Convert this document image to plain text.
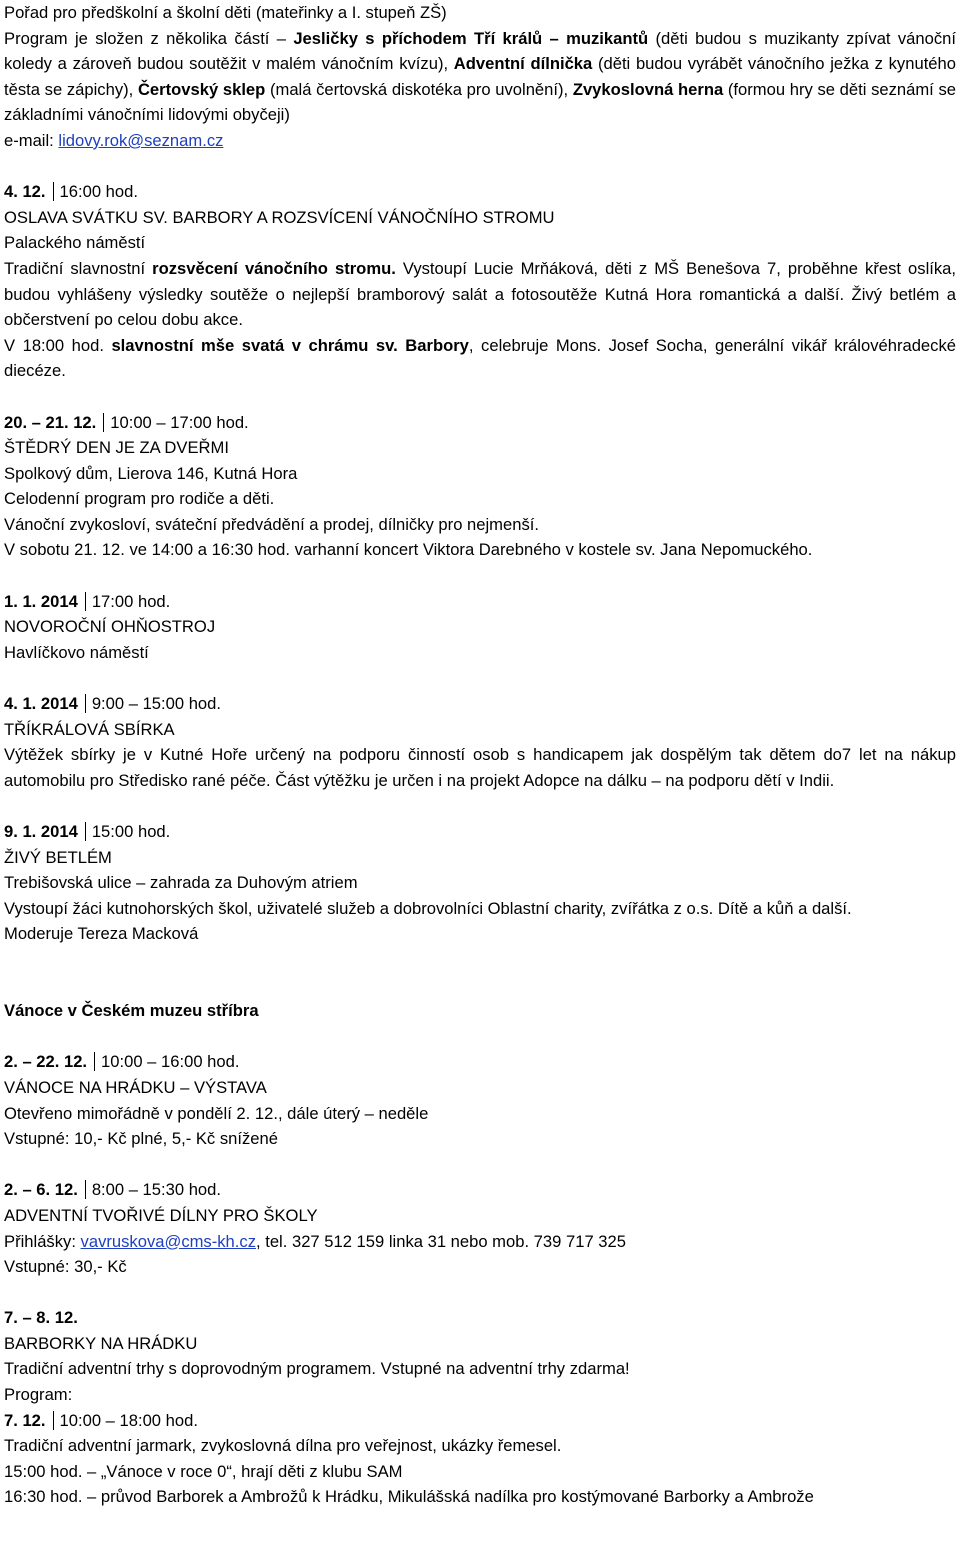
Pořad pro předškolní a školní děti (mateřinky a I. stupeň ZŠ)

Program je složen z několika částí – Jesličky s příchodem Tří králů – muzikantů (děti budou s muzikanty zpívat vánoční koledy a zároveň budou soutěžit v malém vánočním kvízu), Adventní dílnička (děti budou vyrábět vánočního ježka z kynutého těsta se zápichy), Čertovský sklep (malá čertovská diskotéka pro uvolnění), Zvykoslovná herna (formou hry se děti seznámí se základními vánočními lidovými obyčeji)

e-mail: lidovy.rok@seznam.cz

4. 12. 16:00 hod.

OSLAVA SVÁTKU SV. BARBORY A ROZSVÍCENÍ VÁNOČNÍHO STROMU

Palackého náměstí

Tradiční slavnostní rozsvěcení vánočního stromu. Vystoupí Lucie Mrňáková, děti z MŠ Benešova 7, proběhne křest oslíka, budou vyhlášeny výsledky soutěže o nejlepší bramborový salát a fotosoutěže Kutná Hora romantická a další. Živý betlém a občerstvení po celou dobu akce.

V 18:00 hod. slavnostní mše svatá v chrámu sv. Barbory, celebruje Mons. Josef Socha, generální vikář královéhradecké diecéze.

20. – 21. 12. 10:00 – 17:00 hod.

ŠTĚDRÝ DEN JE ZA DVEŘMI

Spolkový dům, Lierova 146, Kutná Hora

Celodenní program pro rodiče a děti.

Vánoční zvykosloví, sváteční předvádění a prodej, dílničky pro nejmenší.

V sobotu 21. 12. ve 14:00 a 16:30 hod. varhanní koncert Viktora Darebného v kostele sv. Jana Nepomuckého.

1. 1. 2014 17:00 hod.

NOVOROČNÍ OHŇOSTROJ

Havlíčkovo náměstí

4. 1. 2014 9:00 – 15:00 hod.

TŘÍKRÁLOVÁ SBÍRKA

Výtěžek sbírky je v Kutné Hoře určený na podporu činností osob s handicapem jak dospělým tak dětem do7 let na nákup automobilu pro Středisko rané péče. Část výtěžku je určen i na projekt Adopce na dálku – na podporu dětí v Indii.

9. 1. 2014 15:00 hod.

ŽIVÝ BETLÉM

Trebišovská ulice – zahrada za Duhovým atriem

Vystoupí žáci kutnohorských škol, uživatelé služeb a dobrovolníci Oblastní charity, zvířátka z o.s. Dítě a kůň a další.

Moderuje Tereza Macková

Vánoce v Českém muzeu stříbra

2. – 22. 12. 10:00 – 16:00 hod.

VÁNOCE NA HRÁDKU – VÝSTAVA

Otevřeno mimořádně v pondělí 2. 12., dále úterý – neděle

Vstupné: 10,- Kč plné, 5,- Kč snížené

2. – 6. 12. 8:00 – 15:30 hod.

ADVENTNÍ TVOŘIVÉ DÍLNY PRO ŠKOLY

Přihlášky: vavruskova@cms-kh.cz, tel. 327 512 159 linka 31 nebo mob. 739 717 325

Vstupné: 30,- Kč

7. – 8. 12.

BARBORKY NA HRÁDKU

Tradiční adventní trhy s doprovodným programem. Vstupné na adventní trhy zdarma!

Program:

7. 12. 10:00 – 18:00 hod.

Tradiční adventní jarmark, zvykoslovná dílna pro veřejnost, ukázky řemesel.

15:00 hod. – „Vánoce v roce 0“, hrají děti z klubu SAM

16:30 hod. – průvod Barborek a Ambrožů k Hrádku, Mikulášská nadílka pro kostýmované Barborky a Ambrože
